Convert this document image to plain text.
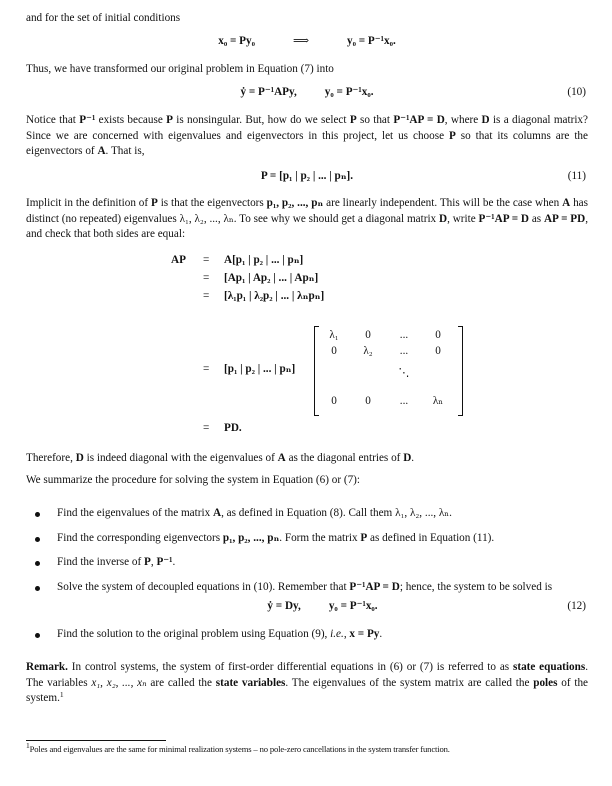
and for the set of initial conditions

x₀ = Py₀	⟹	y₀ = P⁻¹x₀.

Thus, we have transformed our original problem in Equation (7) into

ẏ = P⁻¹APy,	y₀ = P⁻¹x₀.	(10)

Notice that P⁻¹ exists because P is nonsingular. But, how do we select P so that P⁻¹AP = D, where D is a diagonal matrix? Since we are concerned with eigenvalues and eigenvectors in this project, let us choose P so that its columns are the eigenvectors of A. That is,

P = [p₁ | p₂ | ... | pₙ].	(11)

Implicit in the definition of P is that the eigenvectors p₁, p₂, ..., pₙ are linearly independent. This will be the case when A has distinct (no repeated) eigenvalues λ₁, λ₂, ..., λₙ. To see why we should get a diagonal matrix D, write P⁻¹AP = D as AP = PD, and check that both sides are equal:

AP = A[p₁ | p₂ | ... | pₙ]
= [Ap₁ | Ap₂ | ... | Apₙ]
= [λ₁p₁ | λ₂p₂ | ... | λₙpₙ]
= [p₁ | p₂ | ... | pₙ]
λ₁	0	...	0
0	λ₂	...	0
⋱
0	0	...	λₙ
= PD.

Therefore, D is indeed diagonal with the eigenvalues of A as the diagonal entries of D.

We summarize the procedure for solving the system in Equation (6) or (7):

Find the eigenvalues of the matrix A, as defined in Equation (8). Call them λ₁, λ₂, ..., λₙ.
Find the corresponding eigenvectors p₁, p₂, ..., pₙ. Form the matrix P as defined in Equation (11).
Find the inverse of P, P⁻¹.
Solve the system of decoupled equations in (10). Remember that P⁻¹AP = D; hence, the system to be solved is
ẏ = Dy,	y₀ = P⁻¹x₀.	(12)
Find the solution to the original problem using Equation (9), i.e., x = Py.

Remark. In control systems, the system of first-order differential equations in (6) or (7) is referred to as state equations. The variables x₁, x₂, ..., xₙ are called the state variables. The eigenvalues of the system matrix are called the poles of the system.$^1$

1Poles and eigenvalues are the same for minimal realization systems – no pole-zero cancellations in the system transfer function.
